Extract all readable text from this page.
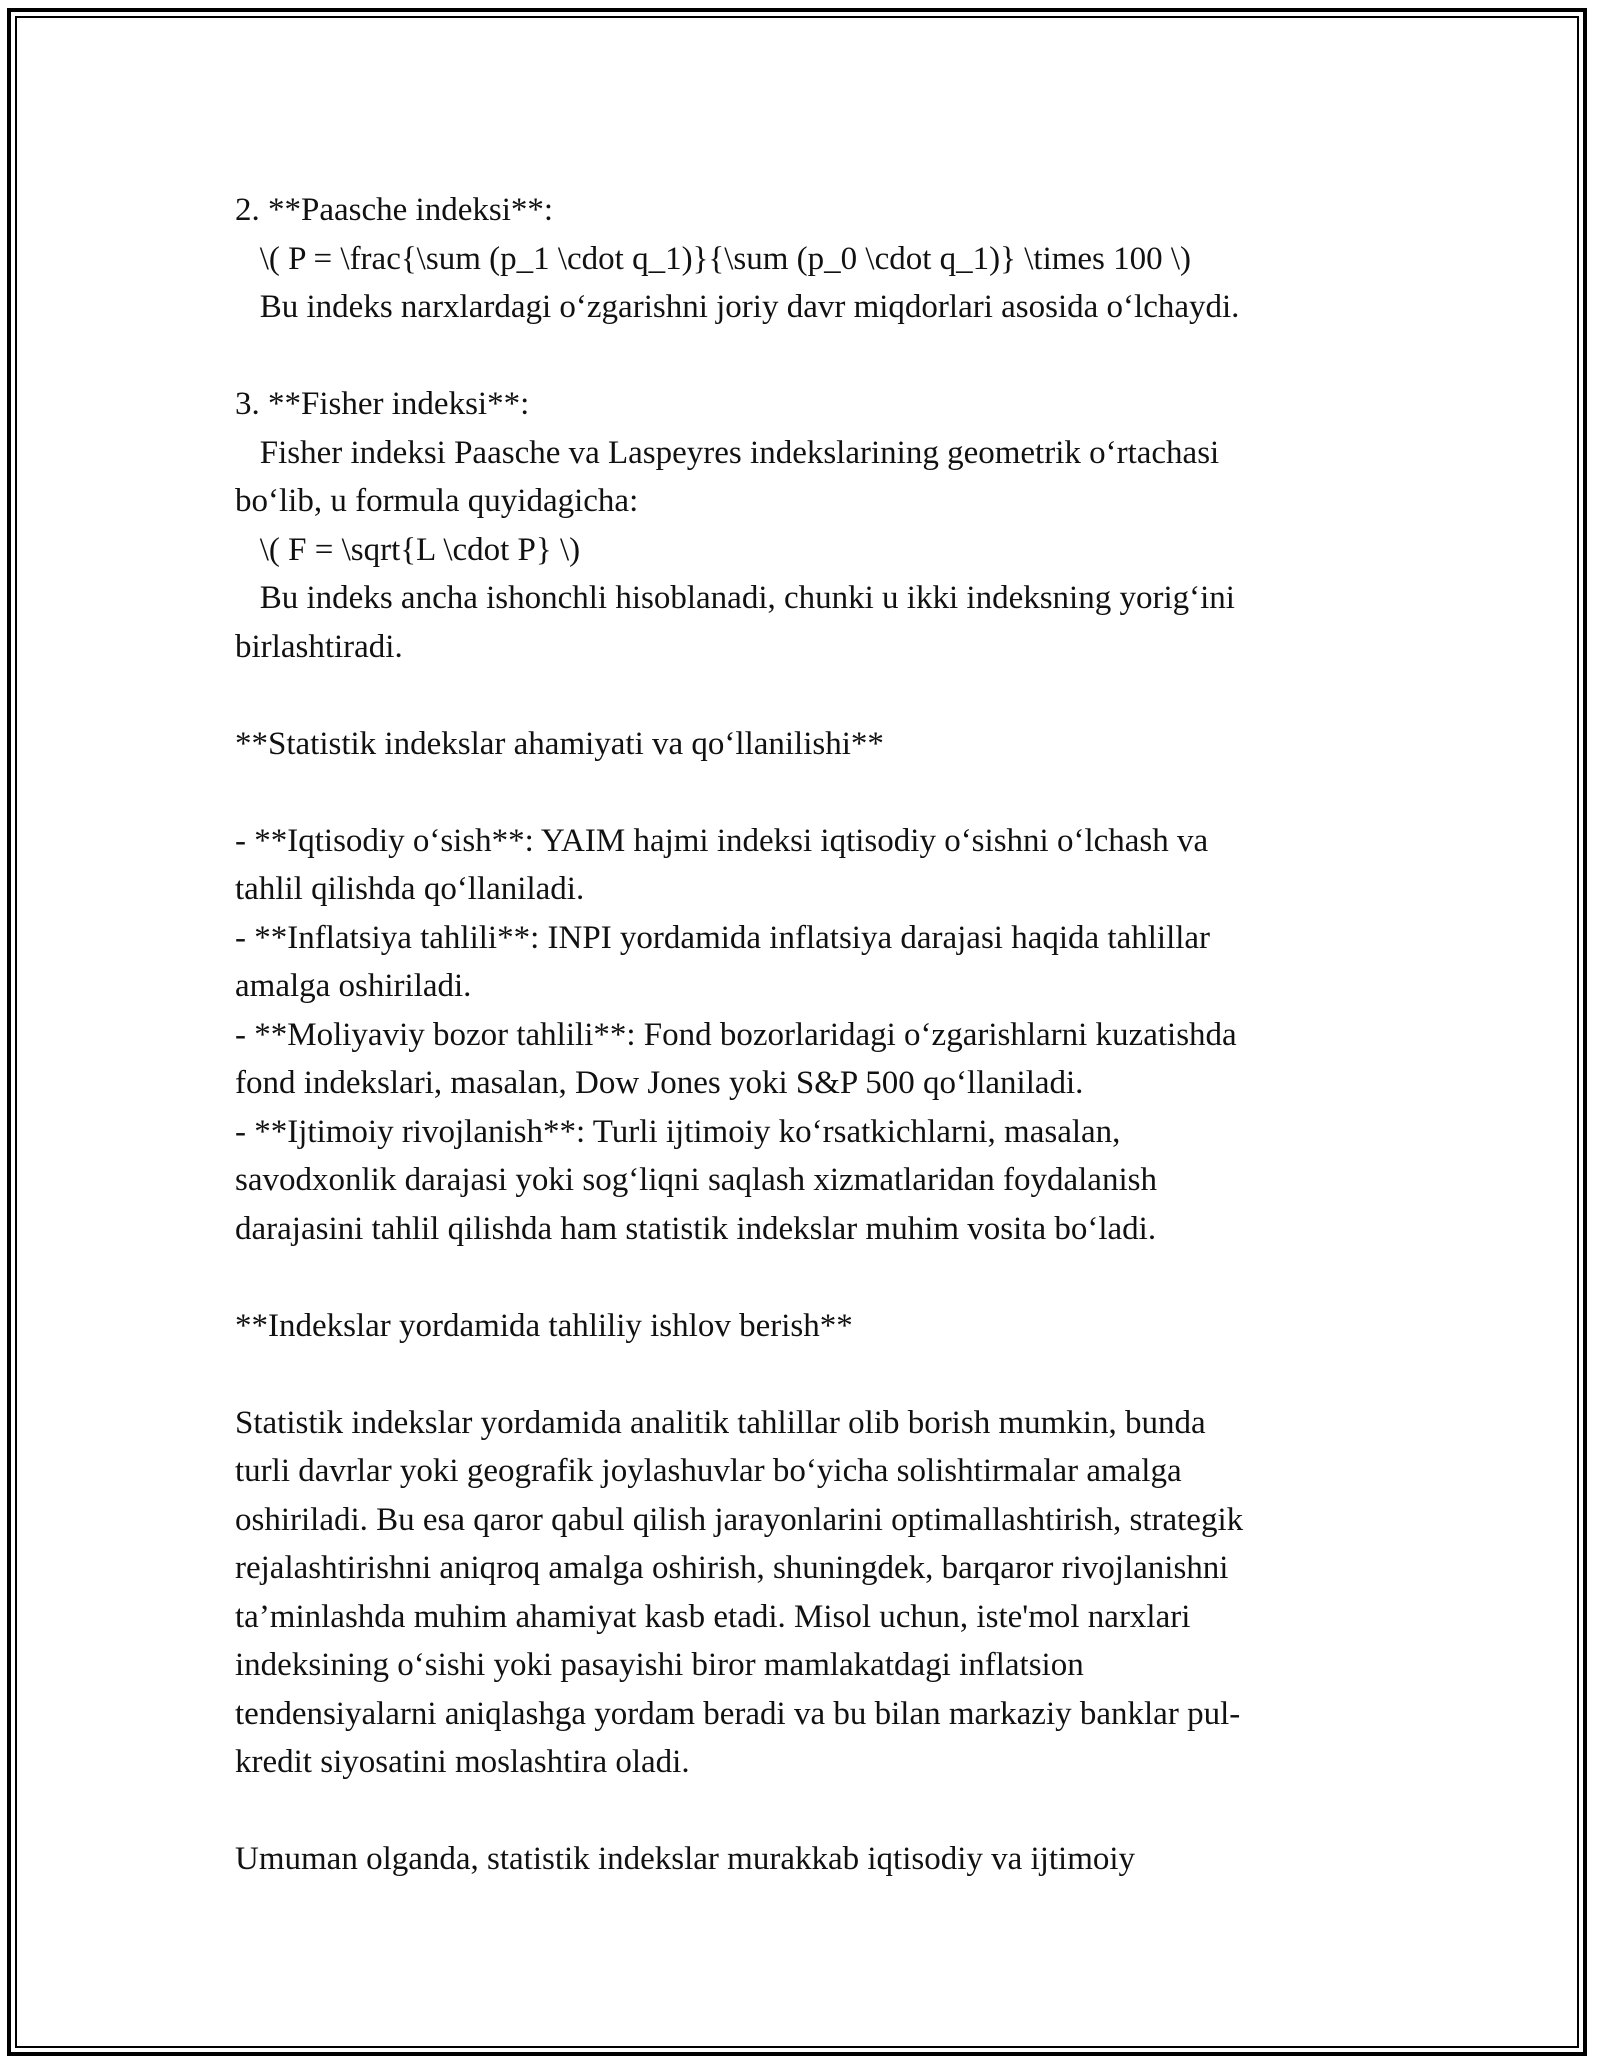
2. **Paasche indeksi**:
\( P = \frac{\sum (p_1 \cdot q_1)}{\sum (p_0 \cdot q_1)} \times 100 \)
Bu indeks narxlardagi o‘zgarishni joriy davr miqdorlari asosida o‘lchaydi.
3. **Fisher indeksi**:
Fisher indeksi Paasche va Laspeyres indekslarining geometrik o‘rtachasi
bo‘lib, u formula quyidagicha:
\( F = \sqrt{L \cdot P} \)
Bu indeks ancha ishonchli hisoblanadi, chunki u ikki indeksning yorig‘ini
birlashtiradi.
**Statistik indekslar ahamiyati va qo‘llanilishi**
- **Iqtisodiy o‘sish**: YAIM hajmi indeksi iqtisodiy o‘sishni o‘lchash va
tahlil qilishda qo‘llaniladi.
- **Inflatsiya tahlili**: INPI yordamida inflatsiya darajasi haqida tahlillar
amalga oshiriladi.
- **Moliyaviy bozor tahlili**: Fond bozorlaridagi o‘zgarishlarni kuzatishda
fond indekslari, masalan, Dow Jones yoki S&P 500 qo‘llaniladi.
- **Ijtimoiy rivojlanish**: Turli ijtimoiy ko‘rsatkichlarni, masalan,
savodxonlik darajasi yoki sog‘liqni saqlash xizmatlaridan foydalanish
darajasini tahlil qilishda ham statistik indekslar muhim vosita bo‘ladi.
**Indekslar yordamida tahliliy ishlov berish**
Statistik indekslar yordamida analitik tahlillar olib borish mumkin, bunda
turli davrlar yoki geografik joylashuvlar bo‘yicha solishtirmalar amalga
oshiriladi. Bu esa qaror qabul qilish jarayonlarini optimallashtirish, strategik
rejalashtirishni aniqroq amalga oshirish, shuningdek, barqaror rivojlanishni
ta’minlashda muhim ahamiyat kasb etadi. Misol uchun, iste'mol narxlari
indeksining o‘sishi yoki pasayishi biror mamlakatdagi inflatsion
tendensiyalarni aniqlashga yordam beradi va bu bilan markaziy banklar pul-
kredit siyosatini moslashtira oladi.
Umuman olganda, statistik indekslar murakkab iqtisodiy va ijtimoiy
